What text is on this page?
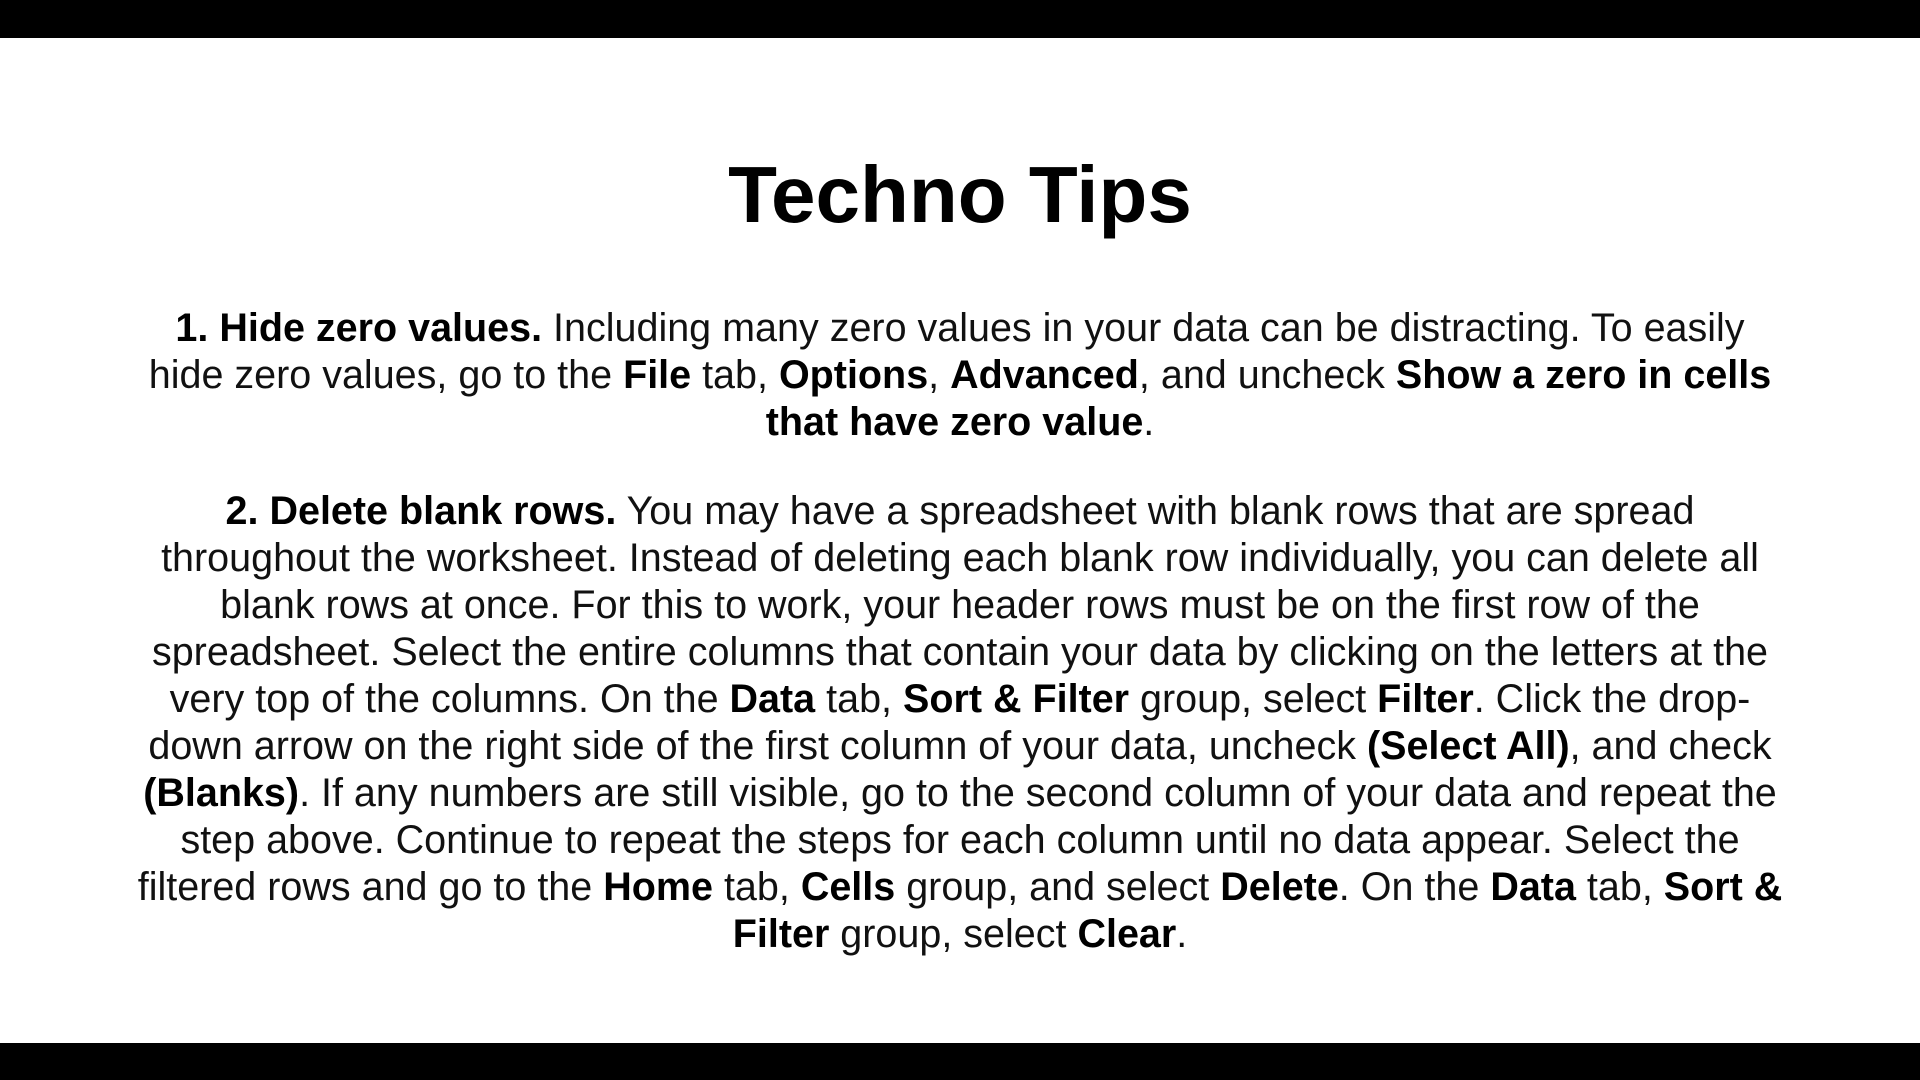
Techno Tips

1. Hide zero values. Including many zero values in your data can be distracting. To easily hide zero values, go to the File tab, Options, Advanced, and uncheck Show a zero in cells that have zero value.

2. Delete blank rows. You may have a spreadsheet with blank rows that are spread throughout the worksheet. Instead of deleting each blank row individually, you can delete all blank rows at once. For this to work, your header rows must be on the first row of the spreadsheet. Select the entire columns that contain your data by clicking on the letters at the very top of the columns. On the Data tab, Sort & Filter group, select Filter. Click the drop-down arrow on the right side of the first column of your data, uncheck (Select All), and check (Blanks). If any numbers are still visible, go to the second column of your data and repeat the step above. Continue to repeat the steps for each column until no data appear. Select the filtered rows and go to the Home tab, Cells group, and select Delete. On the Data tab, Sort & Filter group, select Clear.
